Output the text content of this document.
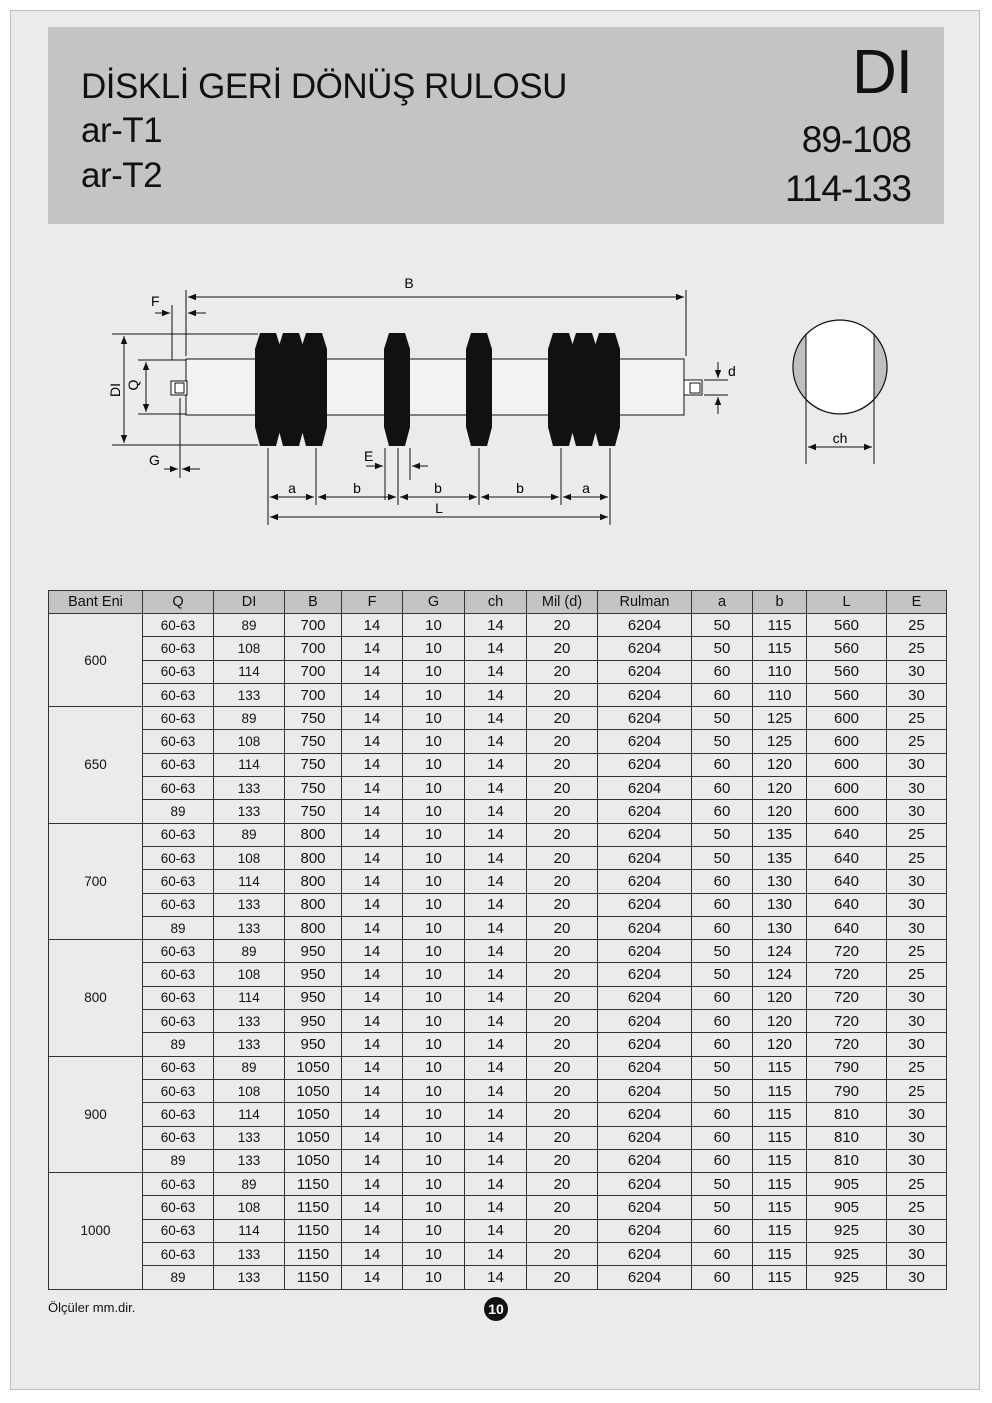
DİSKLİ GERİ DÖNÜŞ RULOSU
ar-T1
ar-T2
DI
89-108
114-133
B
F
DI Q
d
G	E
a	b	b	b	a
L
ch
Bant Eni	Q	DI	B	F	G	ch	Mil (d)	Rulman	a	b	L	E
600	60-63	89	700	14	10	14	20	6204	50	115	560	25
	60-63	108	700	14	10	14	20	6204	50	115	560	25
	60-63	114	700	14	10	14	20	6204	60	110	560	30
	60-63	133	700	14	10	14	20	6204	60	110	560	30
650	60-63	89	750	14	10	14	20	6204	50	125	600	25
	60-63	108	750	14	10	14	20	6204	50	125	600	25
	60-63	114	750	14	10	14	20	6204	60	120	600	30
	60-63	133	750	14	10	14	20	6204	60	120	600	30
	89	133	750	14	10	14	20	6204	60	120	600	30
700	60-63	89	800	14	10	14	20	6204	50	135	640	25
	60-63	108	800	14	10	14	20	6204	50	135	640	25
	60-63	114	800	14	10	14	20	6204	60	130	640	30
	60-63	133	800	14	10	14	20	6204	60	130	640	30
	89	133	800	14	10	14	20	6204	60	130	640	30
800	60-63	89	950	14	10	14	20	6204	50	124	720	25
	60-63	108	950	14	10	14	20	6204	50	124	720	25
	60-63	114	950	14	10	14	20	6204	60	120	720	30
	60-63	133	950	14	10	14	20	6204	60	120	720	30
	89	133	950	14	10	14	20	6204	60	120	720	30
900	60-63	89	1050	14	10	14	20	6204	50	115	790	25
	60-63	108	1050	14	10	14	20	6204	50	115	790	25
	60-63	114	1050	14	10	14	20	6204	60	115	810	30
	60-63	133	1050	14	10	14	20	6204	60	115	810	30
	89	133	1050	14	10	14	20	6204	60	115	810	30
1000	60-63	89	1150	14	10	14	20	6204	50	115	905	25
	60-63	108	1150	14	10	14	20	6204	50	115	905	25
	60-63	114	1150	14	10	14	20	6204	60	115	925	30
	60-63	133	1150	14	10	14	20	6204	60	115	925	30
	89	133	1150	14	10	14	20	6204	60	115	925	30
Ölçüler mm.dir.	10
